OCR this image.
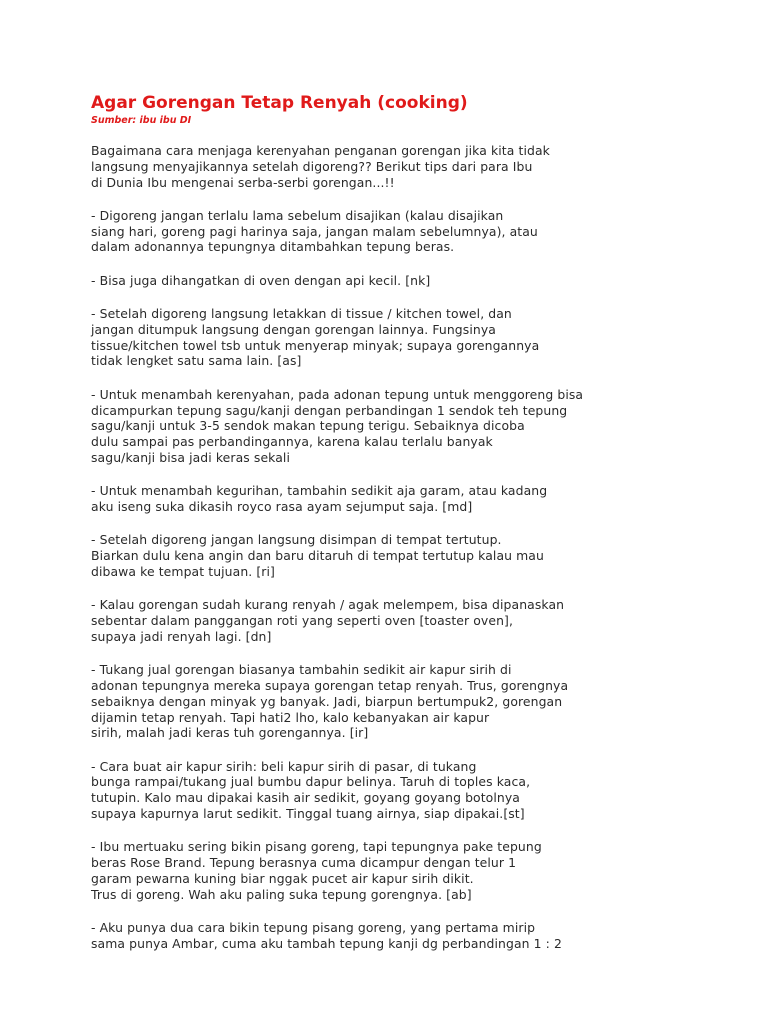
Agar Gorengan Tetap Renyah (cooking)

Sumber: ibu ibu DI

Bagaimana cara menjaga kerenyahan penganan gorengan jika kita tidak
langsung menyajikannya setelah digoreng?? Berikut tips dari para Ibu
di Dunia Ibu mengenai serba-serbi gorengan...!!
- Digoreng jangan terlalu lama sebelum disajikan (kalau disajikan
siang hari, goreng pagi harinya saja, jangan malam sebelumnya), atau
dalam adonannya tepungnya ditambahkan tepung beras.
- Bisa juga dihangatkan di oven dengan api kecil. [nk]
- Setelah digoreng langsung letakkan di tissue / kitchen towel, dan
jangan ditumpuk langsung dengan gorengan lainnya. Fungsinya
tissue/kitchen towel tsb untuk menyerap minyak; supaya gorengannya
tidak lengket satu sama lain. [as]
- Untuk menambah kerenyahan, pada adonan tepung untuk menggoreng bisa
dicampurkan tepung sagu/kanji dengan perbandingan 1 sendok teh tepung
sagu/kanji untuk 3-5 sendok makan tepung terigu. Sebaiknya dicoba
dulu sampai pas perbandingannya, karena kalau terlalu banyak
sagu/kanji bisa jadi keras sekali
- Untuk menambah kegurihan, tambahin sedikit aja garam, atau kadang
aku iseng suka dikasih royco rasa ayam sejumput saja. [md]
- Setelah digoreng jangan langsung disimpan di tempat tertutup.
Biarkan dulu kena angin dan baru ditaruh di tempat tertutup kalau mau
dibawa ke tempat tujuan. [ri]
- Kalau gorengan sudah kurang renyah / agak melempem, bisa dipanaskan
sebentar dalam panggangan roti yang seperti oven [toaster oven],
supaya jadi renyah lagi. [dn]
- Tukang jual gorengan biasanya tambahin sedikit air kapur sirih di
adonan tepungnya mereka supaya gorengan tetap renyah. Trus, gorengnya
sebaiknya dengan minyak yg banyak. Jadi, biarpun bertumpuk2, gorengan
dijamin tetap renyah. Tapi hati2 lho, kalo kebanyakan air kapur
sirih, malah jadi keras tuh gorengannya. [ir]
- Cara buat air kapur sirih: beli kapur sirih di pasar, di tukang
bunga rampai/tukang jual bumbu dapur belinya. Taruh di toples kaca,
tutupin. Kalo mau dipakai kasih air sedikit, goyang goyang botolnya
supaya kapurnya larut sedikit. Tinggal tuang airnya, siap dipakai.[st]
- Ibu mertuaku sering bikin pisang goreng, tapi tepungnya pake tepung
beras Rose Brand. Tepung berasnya cuma dicampur dengan telur 1
garam pewarna kuning biar nggak pucet air kapur sirih dikit.
Trus di goreng. Wah aku paling suka tepung gorengnya. [ab]
- Aku punya dua cara bikin tepung pisang goreng, yang pertama mirip
sama punya Ambar, cuma aku tambah tepung kanji dg perbandingan 1 : 2
